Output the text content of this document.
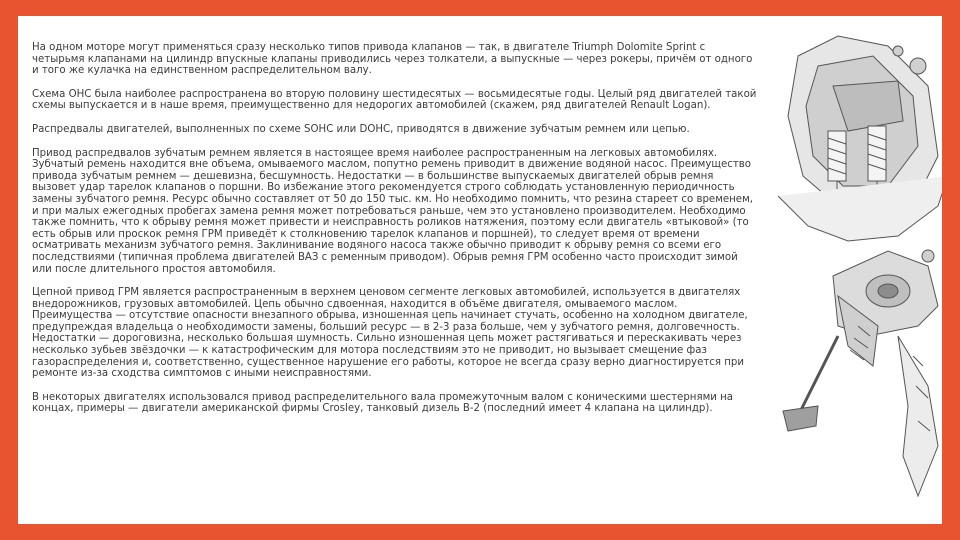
На одном моторе могут применяться сразу несколько типов привода клапанов — так, в двигателе Triumph Dolomite Sprint с четырьмя клапанами на цилиндр впускные клапаны приводились через толкатели, а выпускные — через рокеры, причём от одного и того же кулачка на единственном распределительном валу.

Схема OHC была наиболее распространена во вторую половину шестидесятых — восьмидесятые годы. Целый ряд двигателей такой схемы выпускается и в наше время, преимущественно для недорогих автомобилей (скажем, ряд двигателей Renault Logan).

Распредвалы двигателей, выполненных по схеме SOHC или DOHC, приводятся в движение зубчатым ремнем или цепью.

Привод распредвалов зубчатым ремнем является в настоящее время наиболее распространенным на легковых автомобилях. Зубчатый ремень находится вне объема, омываемого маслом, попутно ремень приводит в движение водяной насос. Преимущество привода зубчатым ремнем — дешевизна, бесшумность. Недостатки — в большинстве выпускаемых двигателей обрыв ремня вызовет удар тарелок клапанов о поршни. Во избежание этого рекомендуется строго соблюдать установленную периодичность замены зубчатого ремня. Ресурс обычно составляет от 50 до 150 тыс. км. Но необходимо помнить, что резина стареет со временем, и при малых ежегодных пробегах замена ремня может потребоваться раньше, чем это установлено производителем. Необходимо также помнить, что к обрыву ремня может привести и неисправность роликов натяжения, поэтому если двигатель «втыковой» (то есть обрыв или проскок ремня ГРМ приведёт к столкновению тарелок клапанов и поршней), то следует время от времени осматривать механизм зубчатого ремня. Заклинивание водяного насоса также обычно приводит к обрыву ремня со всеми его последствиями (типичная проблема двигателей ВАЗ с ременным приводом). Обрыв ремня ГРМ особенно часто происходит зимой или после длительного простоя автомобиля.

Цепной привод ГРМ является распространенным в верхнем ценовом сегменте легковых автомобилей, используется в двигателях внедорожников, грузовых автомобилей. Цепь обычно сдвоенная, находится в объёме двигателя, омываемого маслом. Преимущества — отсутствие опасности внезапного обрыва, изношенная цепь начинает стучать, особенно на холодном двигателе, предупреждая владельца о необходимости замены, больший ресурс — в 2-3 раза больше, чем у зубчатого ремня, долговечность. Недостатки — дороговизна, несколько большая шумность. Сильно изношенная цепь может растягиваться и перескакивать через несколько зубьев звёздочки — к катастрофическим для мотора последствиям это не приводит, но вызывает смещение фаз газораспределения и, соответственно, существенное нарушение его работы, которое не всегда сразу верно диагностируется при ремонте из-за сходства симптомов с иными неисправностями.

В некоторых двигателях использовался привод распределительного вала промежуточным валом с коническими шестернями на концах, примеры — двигатели американской фирмы Crosley, танковый дизель В-2 (последний имеет 4 клапана на цилиндр).
